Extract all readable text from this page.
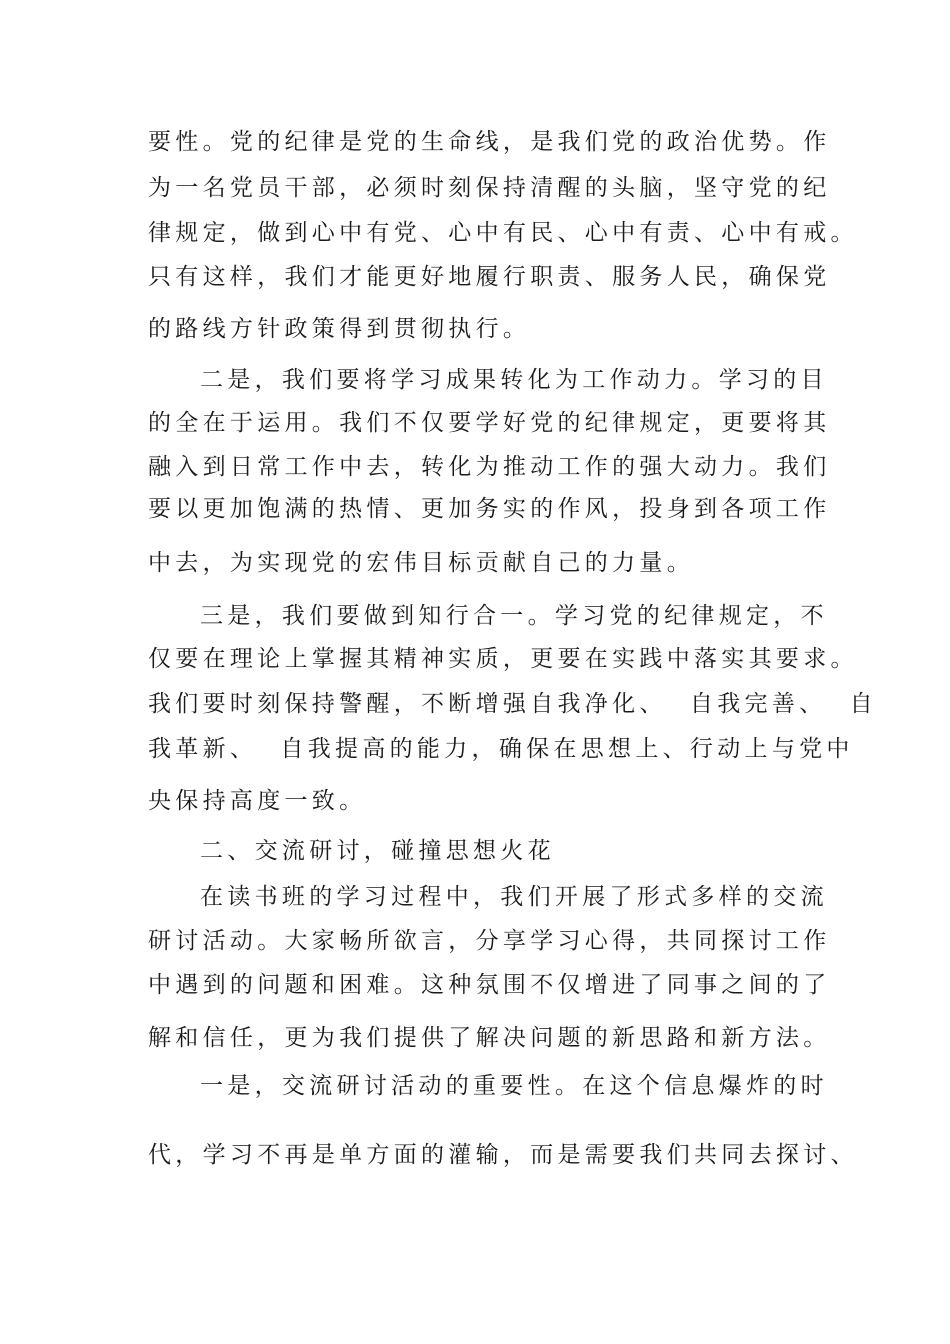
要性。党的纪律是党的生命线，是我们党的政治优势。作
为一名党员干部，必须时刻保持清醒的头脑，坚守党的纪
律规定，做到心中有党、心中有民、心中有责、心中有戒。
只有这样，我们才能更好地履行职责、服务人民，确保党
的路线方针政策得到贯彻执行。
二是，我们要将学习成果转化为工作动力。学习的目
的全在于运用。我们不仅要学好党的纪律规定，更要将其
融入到日常工作中去，转化为推动工作的强大动力。我们
要以更加饱满的热情、更加务实的作风，投身到各项工作
中去，为实现党的宏伟目标贡献自己的力量。
三是，我们要做到知行合一。学习党的纪律规定，不
仅要在理论上掌握其精神实质，更要在实践中落实其要求。
我们要时刻保持警醒，不断增强自我净化、  自我完善、  自
我革新、  自我提高的能力，确保在思想上、行动上与党中
央保持高度一致。
二、交流研讨，碰撞思想火花
在读书班的学习过程中，我们开展了形式多样的交流
研讨活动。大家畅所欲言，分享学习心得，共同探讨工作
中遇到的问题和困难。这种氛围不仅增进了同事之间的了
解和信任，更为我们提供了解决问题的新思路和新方法。
一是，交流研讨活动的重要性。在这个信息爆炸的时
代，学习不再是单方面的灌输，而是需要我们共同去探讨、
